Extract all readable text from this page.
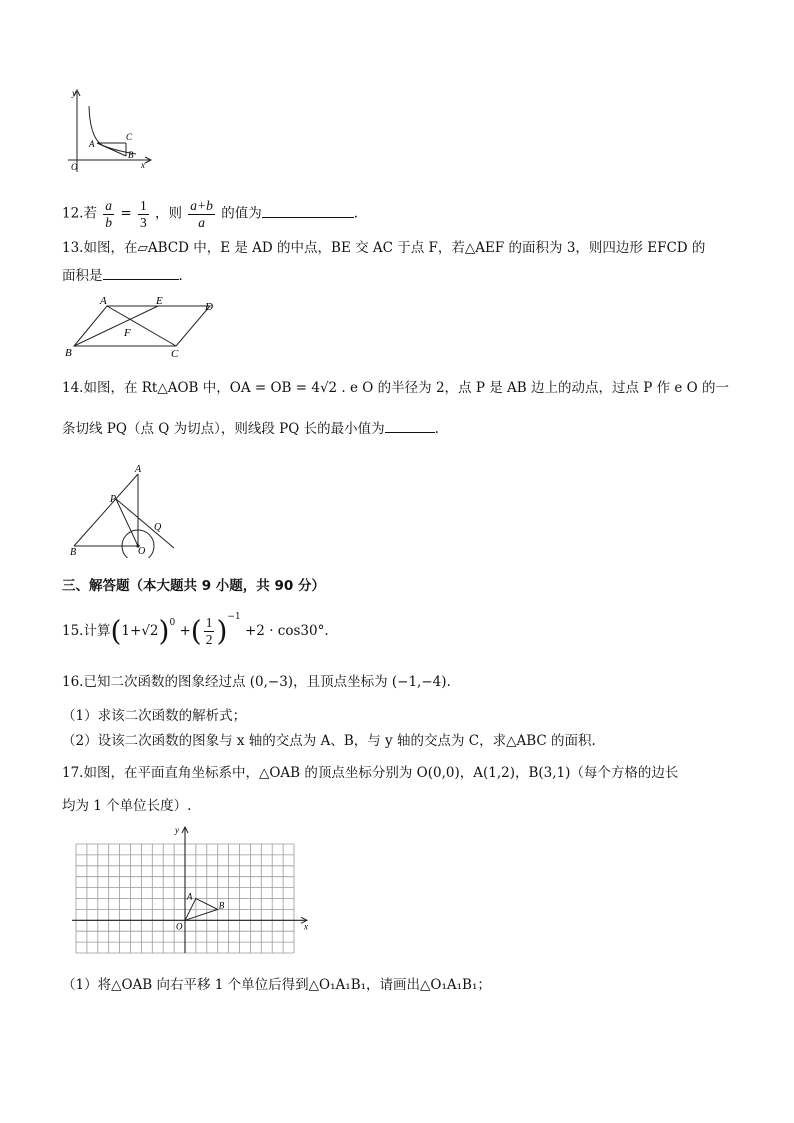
y
x
O
A
C
B
12.若 $\frac{a}{b} = \frac{1}{3}$ ，则 $\frac{a+b}{a}$ 的值为	.
13.如图，在▱ABCD 中，E 是 AD 的中点，BE 交 AC 于点 F，若△AEF 的面积为 3，则四边形 EFCD 的
面积是	.
A	E	D
F
B	C
14.如图，在 Rt△AOB 中，OA = OB = 4√2 . e O 的半径为 2，点 P 是 AB 边上的动点，过点 P 作 e O 的一
条切线 PQ（点 Q 为切点），则线段 PQ 长的最小值为	.
A
P
Q
B	O
三、解答题（本大题共 9 小题，共 90 分）
15.计算$(1+√2)^0$ +( $\frac{1}{2} )^{-1} +2 \cdot \cos 30^\circ$.
16.已知二次函数的图象经过点 (0,−3)，且顶点坐标为 (−1,−4).
（1）求该二次函数的解析式；
（2）设该二次函数的图象与 x 轴的交点为 A、B，与 y 轴的交点为 C，求△ABC 的面积.
17.如图，在平面直角坐标系中，△OAB 的顶点坐标分别为 O(0,0)，A(1,2)，B(3,1)（每个方格的边长
均为 1 个单位长度）.
y
x
O
A
B
（1）将△OAB 向右平移 1 个单位后得到△O₁A₁B₁，请画出△O₁A₁B₁；
